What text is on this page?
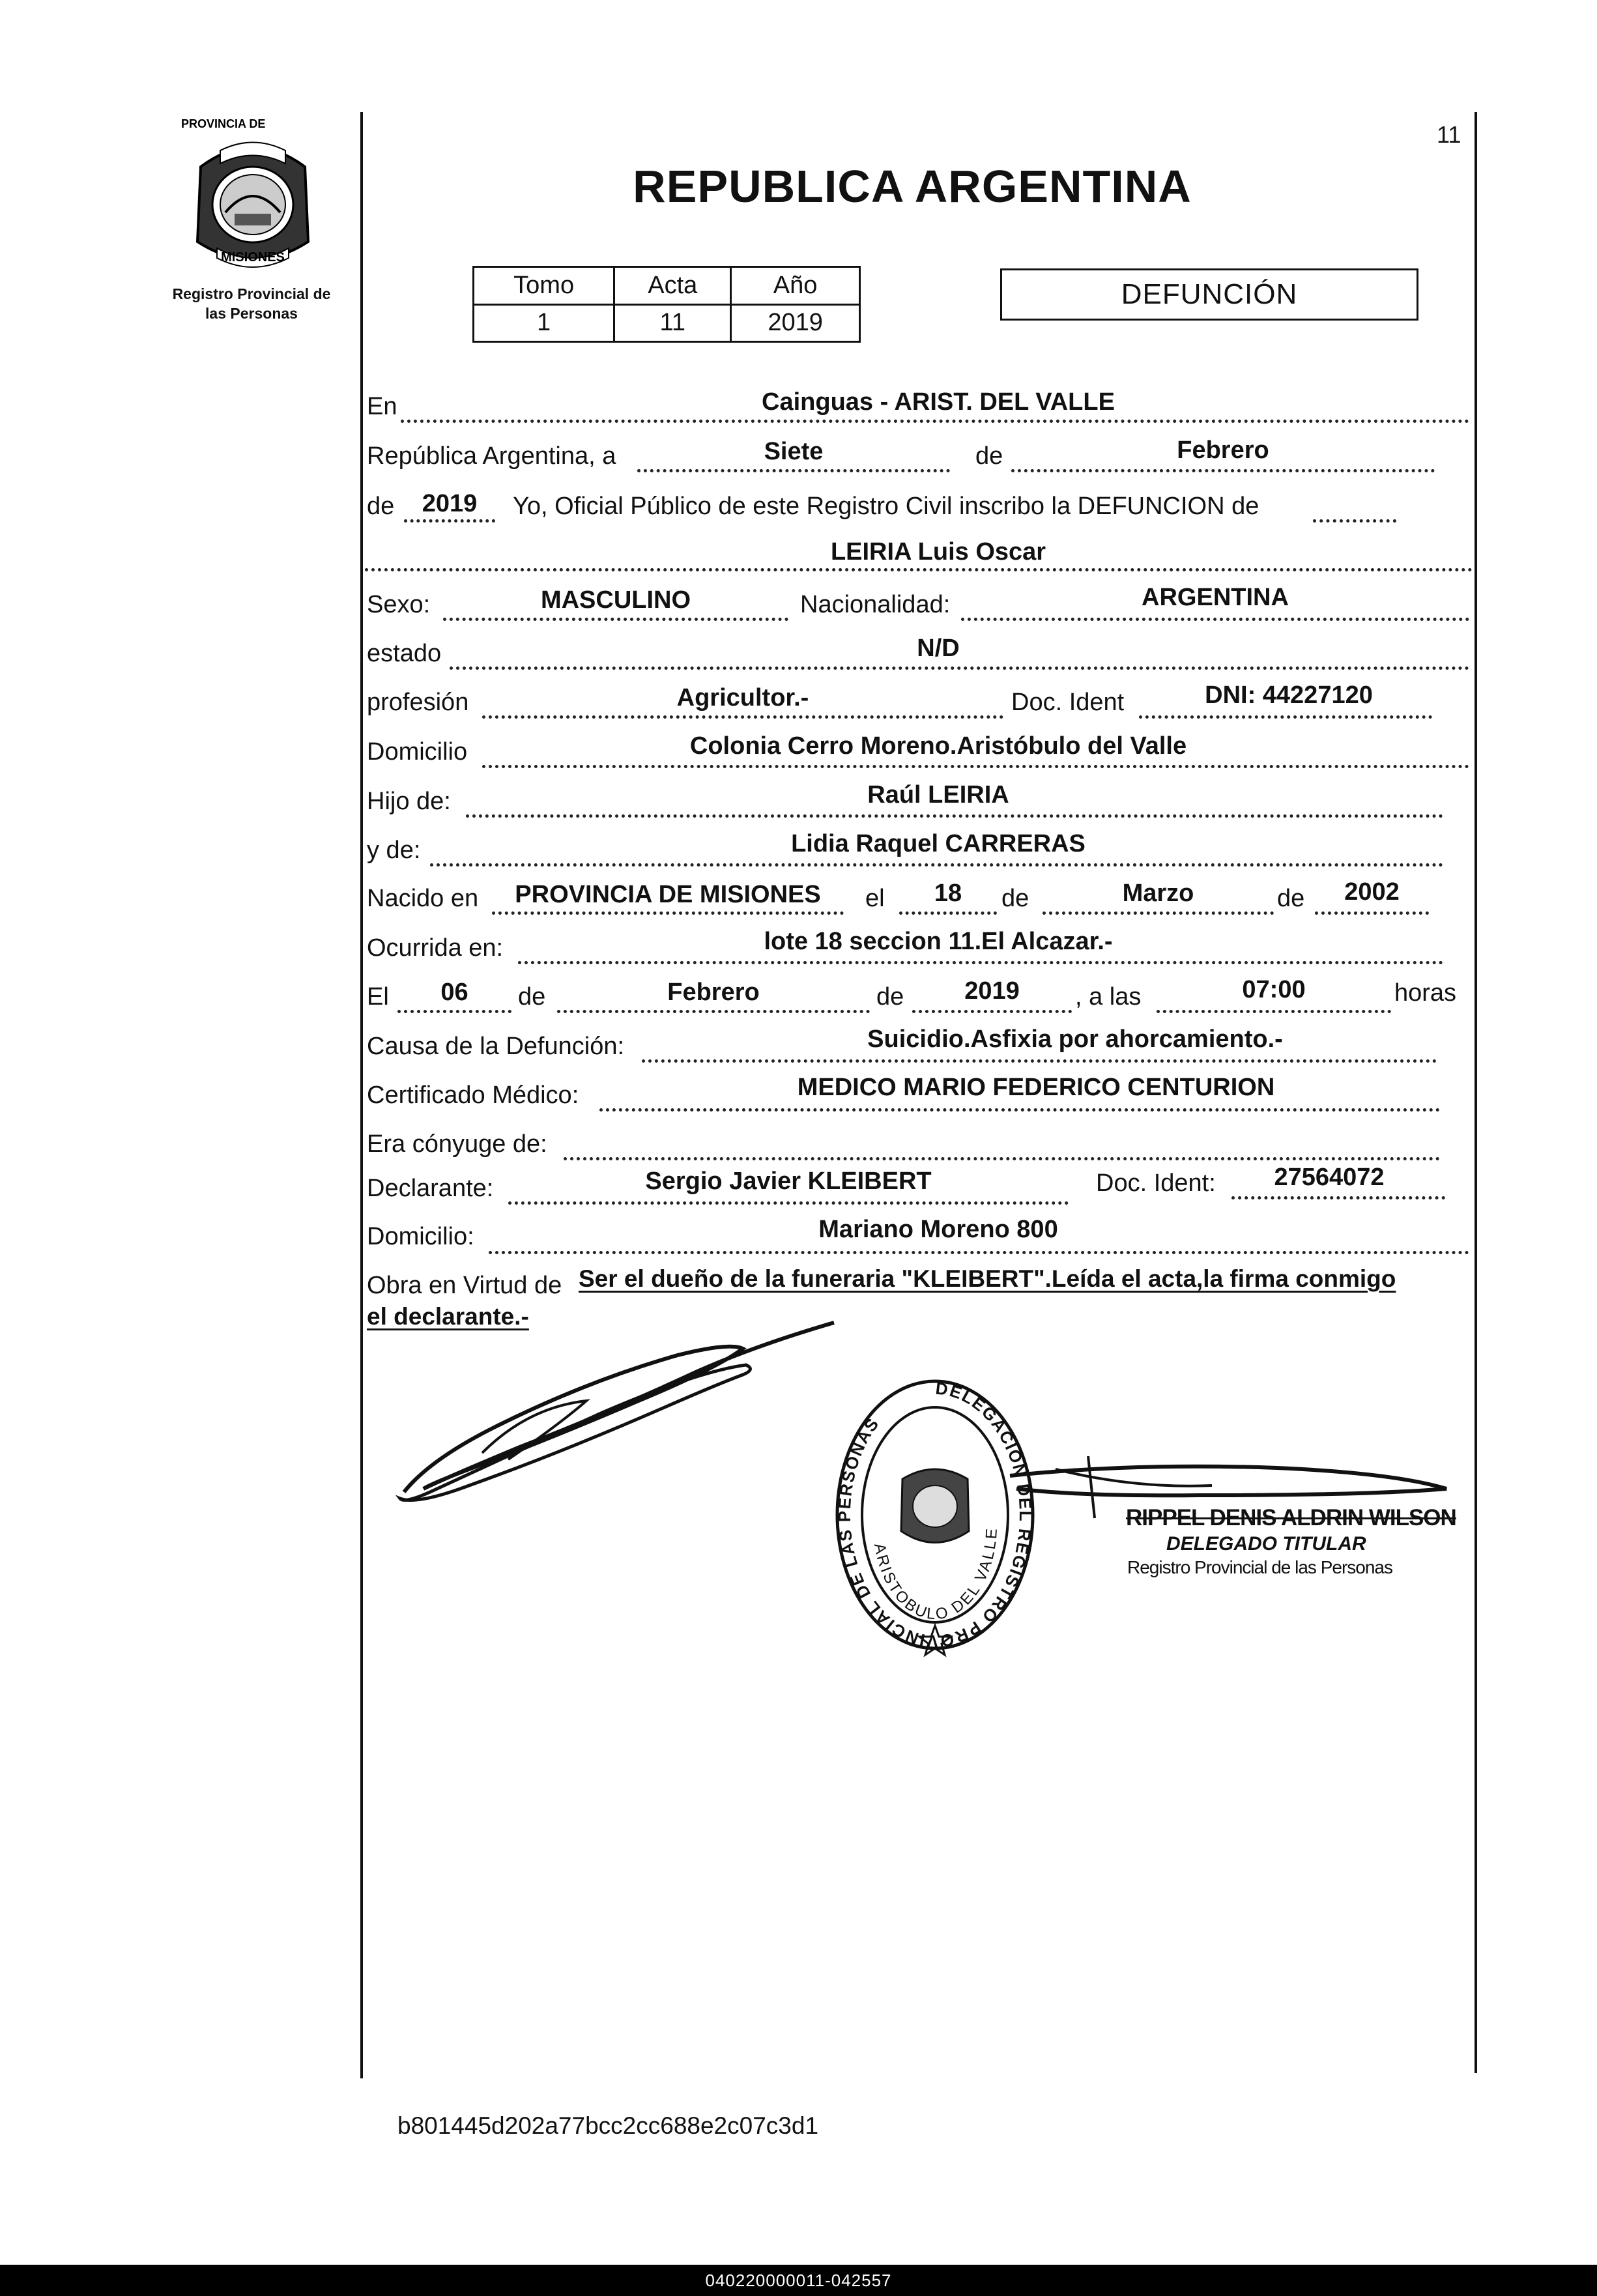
11
PROVINCIA DE
MISIONES
Registro Provincial de
las Personas
REPUBLICA ARGENTINA
Tomo	Acta	Año
1	11	2019
DEFUNCIÓN
En	Cainguas - ARIST. DEL VALLE
República Argentina, a	Siete	de	Febrero
de	2019	Yo, Oficial Público de este Registro Civil inscribo la DEFUNCION de
LEIRIA Luis Oscar
Sexo:	MASCULINO	Nacionalidad:	ARGENTINA
estado	N/D
profesión	Agricultor.-	Doc. Ident	DNI: 44227120
Domicilio	Colonia Cerro Moreno.Aristóbulo del Valle
Hijo de:	Raúl LEIRIA
y de:	Lidia Raquel CARRERAS
Nacido en	PROVINCIA DE MISIONES	el	18	de	Marzo	de	2002
Ocurrida en:	lote 18 seccion 11.El Alcazar.-
El	06	de	Febrero	de	2019	, a las	07:00	horas
Causa de la Defunción:	Suicidio.Asfixia por ahorcamiento.-
Certificado Médico:	MEDICO MARIO FEDERICO CENTURION
Era cónyuge de:
Declarante:	Sergio Javier KLEIBERT	Doc. Ident:	27564072
Domicilio:	Mariano Moreno 800
Obra en Virtud de Ser el dueño de la funeraria "KLEIBERT".Leída el acta,la firma conmigo
el declarante.-
DELEGACION DEL REGISTRO PROVINCIAL DE LAS PERSONAS
ARISTOBULO DEL VALLE
RIPPEL DENIS ALDRIN WILSON
DELEGADO TITULAR
Registro Provincial de las Personas
b801445d202a77bcc2cc688e2c07c3d1
040220000011-042557
